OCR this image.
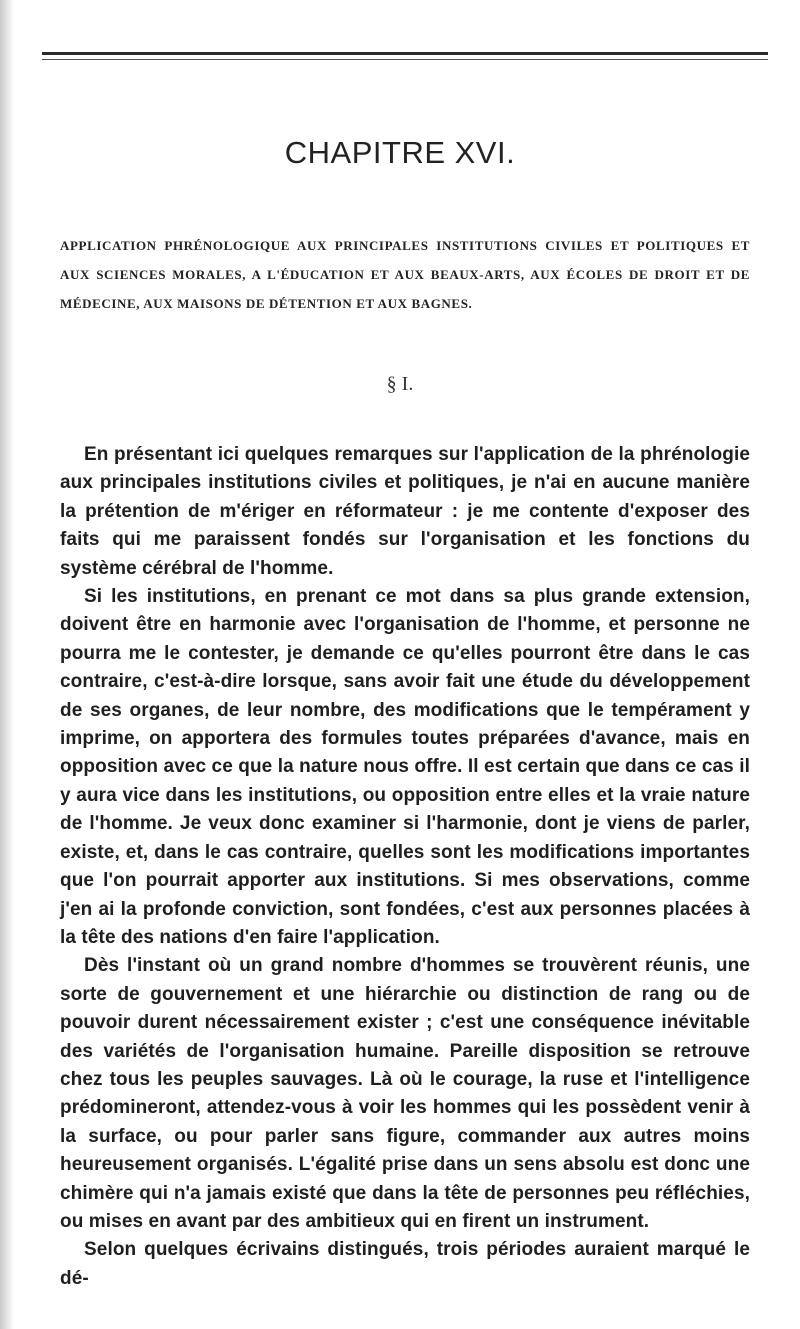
CHAPITRE XVI.
APPLICATION PHRÉNOLOGIQUE AUX PRINCIPALES INSTITUTIONS CIVILES ET POLITIQUES ET AUX SCIENCES MORALES, A L'ÉDUCATION ET AUX BEAUX-ARTS, AUX ÉCOLES DE DROIT ET DE MÉDECINE, AUX MAISONS DE DÉTENTION ET AUX BAGNES.
§ I.

En présentant ici quelques remarques sur l'application de la phrénologie aux principales institutions civiles et politiques, je n'ai en aucune manière la prétention de m'ériger en réformateur : je me contente d'exposer des faits qui me paraissent fondés sur l'organisation et les fonctions du système cérébral de l'homme.

Si les institutions, en prenant ce mot dans sa plus grande extension, doivent être en harmonie avec l'organisation de l'homme, et personne ne pourra me le contester, je demande ce qu'elles pourront être dans le cas contraire, c'est-à-dire lorsque, sans avoir fait une étude du développement de ses organes, de leur nombre, des modifications que le tempérament y imprime, on apportera des formules toutes préparées d'avance, mais en opposition avec ce que la nature nous offre. Il est certain que dans ce cas il y aura vice dans les institutions, ou opposition entre elles et la vraie nature de l'homme. Je veux donc examiner si l'harmonie, dont je viens de parler, existe, et, dans le cas contraire, quelles sont les modifications importantes que l'on pourrait apporter aux institutions. Si mes observations, comme j'en ai la profonde conviction, sont fondées, c'est aux personnes placées à la tête des nations d'en faire l'application.

Dès l'instant où un grand nombre d'hommes se trouvèrent réunis, une sorte de gouvernement et une hiérarchie ou distinction de rang ou de pouvoir durent nécessairement exister ; c'est une conséquence inévitable des variétés de l'organisation humaine. Pareille disposition se retrouve chez tous les peuples sauvages. Là où le courage, la ruse et l'intelligence prédomineront, attendez-vous à voir les hommes qui les possèdent venir à la surface, ou pour parler sans figure, commander aux autres moins heureusement organisés. L'égalité prise dans un sens absolu est donc une chimère qui n'a jamais existé que dans la tête de personnes peu réfléchies, ou mises en avant par des ambitieux qui en firent un instrument.

Selon quelques écrivains distingués, trois périodes auraient marqué le dé-
